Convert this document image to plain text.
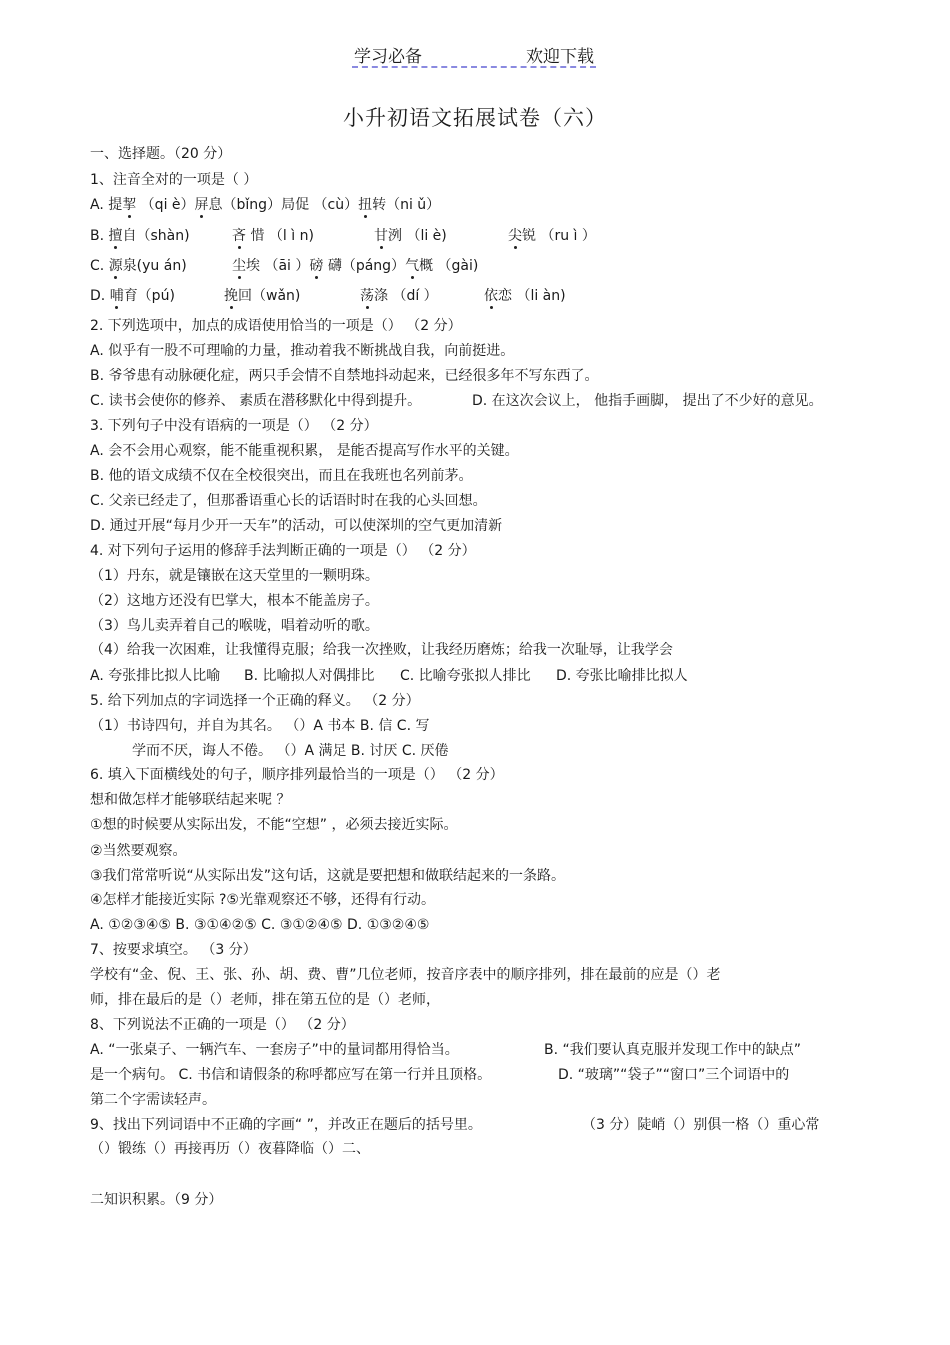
学习必备	欢迎下载
小升初语文拓展试卷（六）
一、选择题。（20 分）
1、注音全对的一项是（ ）
A. 提挈 （qi è）屏息（bǐng）局促 （cù）扭转（ni ǔ）
B. 擅自（shàn)	吝 惜 （l ì n)	甘洌 （li è)	尖锐 （ru ì ）
C. 源泉(yu án)	尘埃 （āi ）磅 礴（páng）气概 （gài)
D. 哺育（pú)	挽回（wǎn)	荡涤 （dí ）	依恋 （li àn)
2. 下列选项中，加点的成语使用恰当的一项是（） （2 分）
A. 似乎有一股不可理喻的力量，推动着我不断挑战自我，向前挺进。
B. 爷爷患有动脉硬化症，两只手会情不自禁地抖动起来，已经很多年不写东西了。
C. 读书会使你的修养、 素质在潜移默化中得到提升。	D. 在这次会议上， 他指手画脚， 提出了不少好的意见。
3. 下列句子中没有语病的一项是（） （2 分）
A. 会不会用心观察，能不能重视积累， 是能否提高写作水平的关键。
B. 他的语文成绩不仅在全校很突出，而且在我班也名列前茅。
C. 父亲已经走了，但那番语重心长的话语时时在我的心头回想。
D. 通过开展“每月少开一天车”的活动，可以使深圳的空气更加清新
4. 对下列句子运用的修辞手法判断正确的一项是（） （2 分）
（1）丹东，就是镶嵌在这天堂里的一颗明珠。
（2）这地方还没有巴掌大，根本不能盖房子。
（3）鸟儿卖弄着自己的喉咙，唱着动听的歌。
（4）给我一次困难，让我懂得克服；给我一次挫败，让我经历磨炼；给我一次耻辱，让我学会
A. 夸张排比拟人比喻 B. 比喻拟人对偶排比 C. 比喻夸张拟人排比 D. 夸张比喻排比拟人
5. 给下列加点的字词选择一个正确的释义。 （2 分）
（1）书诗四句，并自为其名。 （）A 书本 B. 信 C. 写
学而不厌，诲人不倦。 （）A 满足 B. 讨厌 C. 厌倦
6. 填入下面横线处的句子，顺序排列最恰当的一项是（） （2 分）
想和做怎样才能够联结起来呢 ？
①想的时候要从实际出发，不能“空想” ，必须去接近实际。
②当然要观察。
③我们常常听说“从实际出发”这句话，这就是要把想和做联结起来的一条路。
④怎样才能接近实际 ?⑤光靠观察还不够，还得有行动。
A. ①②③④⑤ B. ③①④②⑤ C. ③①②④⑤ D. ①③②④⑤
7、按要求填空。 （3 分）
学校有“金、倪、王、张、孙、胡、费、曹”几位老师，按音序表中的顺序排列，排在最前的应是（）老
师，排在最后的是（）老师，排在第五位的是（）老师，
8、下列说法不正确的一项是（） （2 分）
A. “一张桌子、一辆汽车、一套房子”中的量词都用得恰当。	B. “我们要认真克服并发现工作中的缺点”
是一个病句。 C. 书信和请假条的称呼都应写在第一行并且顶格。	D. “玻璃”“袋子”“窗口”三个词语中的
第二个字需读轻声。
9、找出下列词语中不正确的字画“ ”，并改正在题后的括号里。	（3 分）陡峭（）别俱一格（）重心常
（）锻练（）再接再历（）夜暮降临（）二、
二知识积累。（9 分）
